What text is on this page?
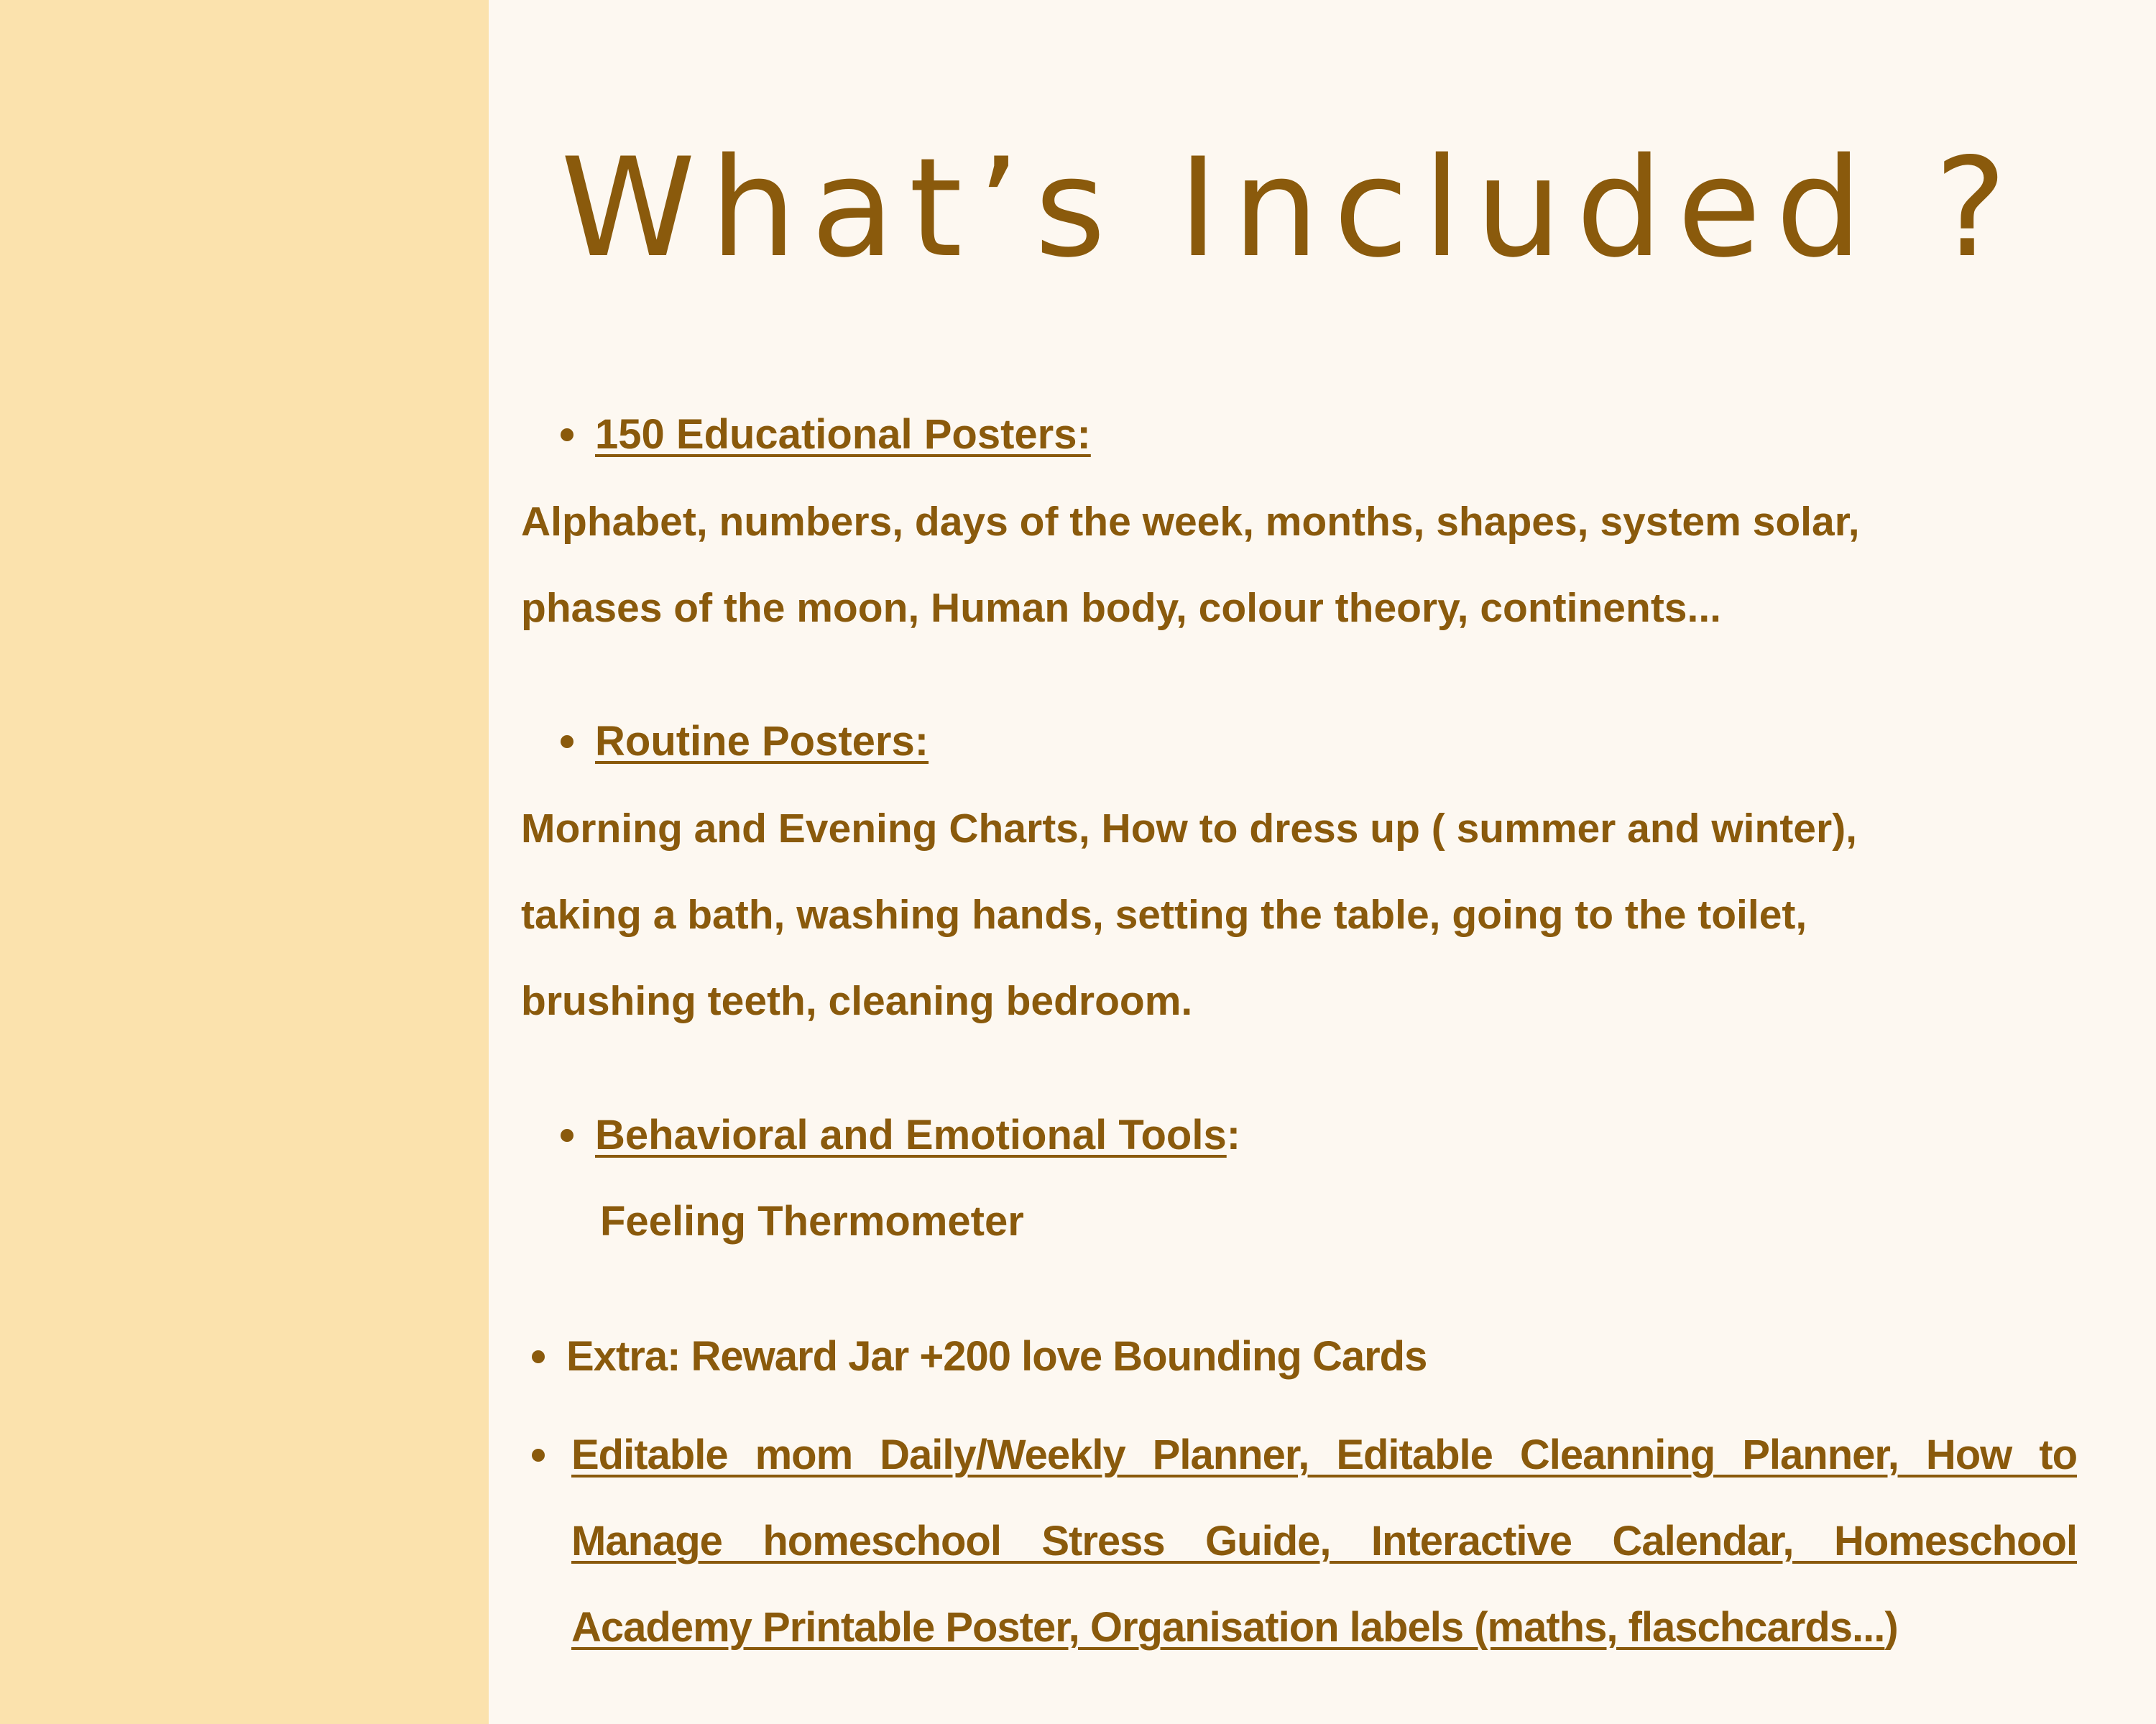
What’s Included ?
150 Educational Posters:

Alphabet, numbers, days of the week, months, shapes, system solar,
phases of the moon, Human body, colour theory, continents...

Routine Posters:

Morning and Evening Charts, How to dress up ( summer and winter),
taking a bath, washing hands, setting the table, going to the toilet,
brushing teeth, cleaning bedroom.

Behavioral and Emotional Tools:
Feeling Thermometer
Extra: Reward Jar +200 love Bounding Cards
Editable mom Daily/Weekly Planner, Editable Cleanning Planner, How to Manage homeschool Stress Guide, Interactive Calendar, Homeschool Academy Printable Poster, Organisation labels (maths, flaschcards...)
